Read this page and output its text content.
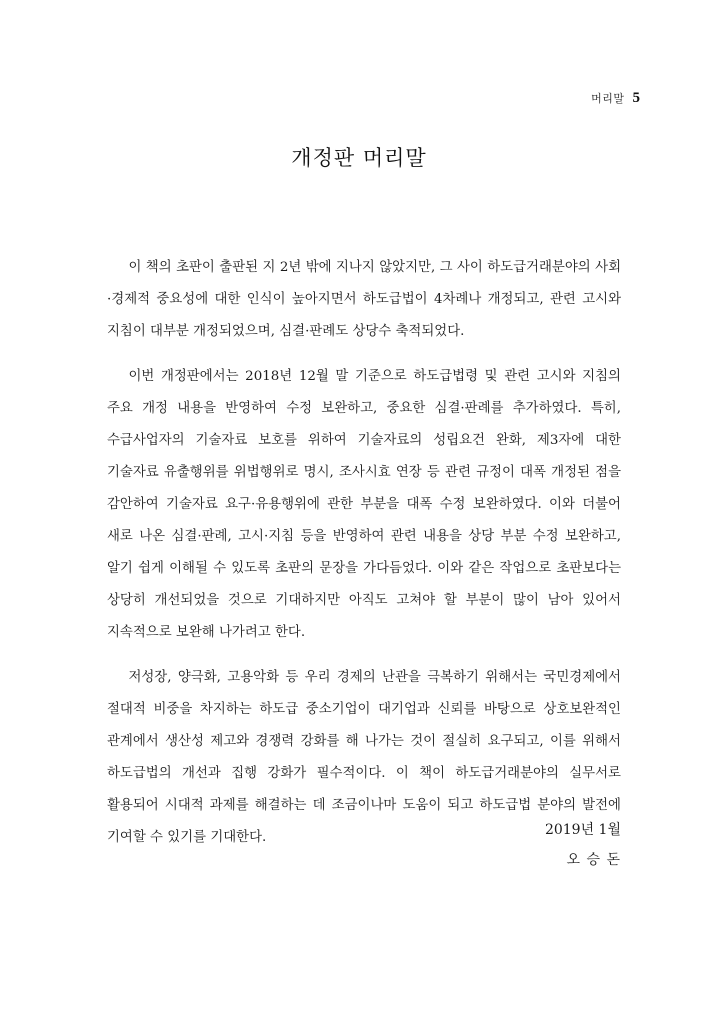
머리말 5
개정판 머리말

이 책의 초판이 출판된 지 2년 밖에 지나지 않았지만, 그 사이 하도급거래분야의 사회·경제적 중요성에 대한 인식이 높아지면서 하도급법이 4차례나 개정되고, 관련 고시와 지침이 대부분 개정되었으며, 심결·판례도 상당수 축적되었다.

이번 개정판에서는 2018년 12월 말 기준으로 하도급법령 및 관련 고시와 지침의 주요 개정 내용을 반영하여 수정 보완하고, 중요한 심결·판례를 추가하였다. 특히, 수급사업자의 기술자료 보호를 위하여 기술자료의 성립요건 완화, 제3자에 대한 기술자료 유출행위를 위법행위로 명시, 조사시효 연장 등 관련 규정이 대폭 개정된 점을 감안하여 기술자료 요구·유용행위에 관한 부분을 대폭 수정 보완하였다. 이와 더불어 새로 나온 심결·판례, 고시·지침 등을 반영하여 관련 내용을 상당 부분 수정 보완하고, 알기 쉽게 이해될 수 있도록 초판의 문장을 가다듬었다. 이와 같은 작업으로 초판보다는 상당히 개선되었을 것으로 기대하지만 아직도 고쳐야 할 부분이 많이 남아 있어서 지속적으로 보완해 나가려고 한다.

저성장, 양극화, 고용악화 등 우리 경제의 난관을 극복하기 위해서는 국민경제에서 절대적 비중을 차지하는 하도급 중소기업이 대기업과 신뢰를 바탕으로 상호보완적인 관계에서 생산성 제고와 경쟁력 강화를 해 나가는 것이 절실히 요구되고, 이를 위해서 하도급법의 개선과 집행 강화가 필수적이다. 이 책이 하도급거래분야의 실무서로 활용되어 시대적 과제를 해결하는 데 조금이나마 도움이 되고 하도급법 분야의 발전에 기여할 수 있기를 기대한다.	2019년 1월
오 승 돈
